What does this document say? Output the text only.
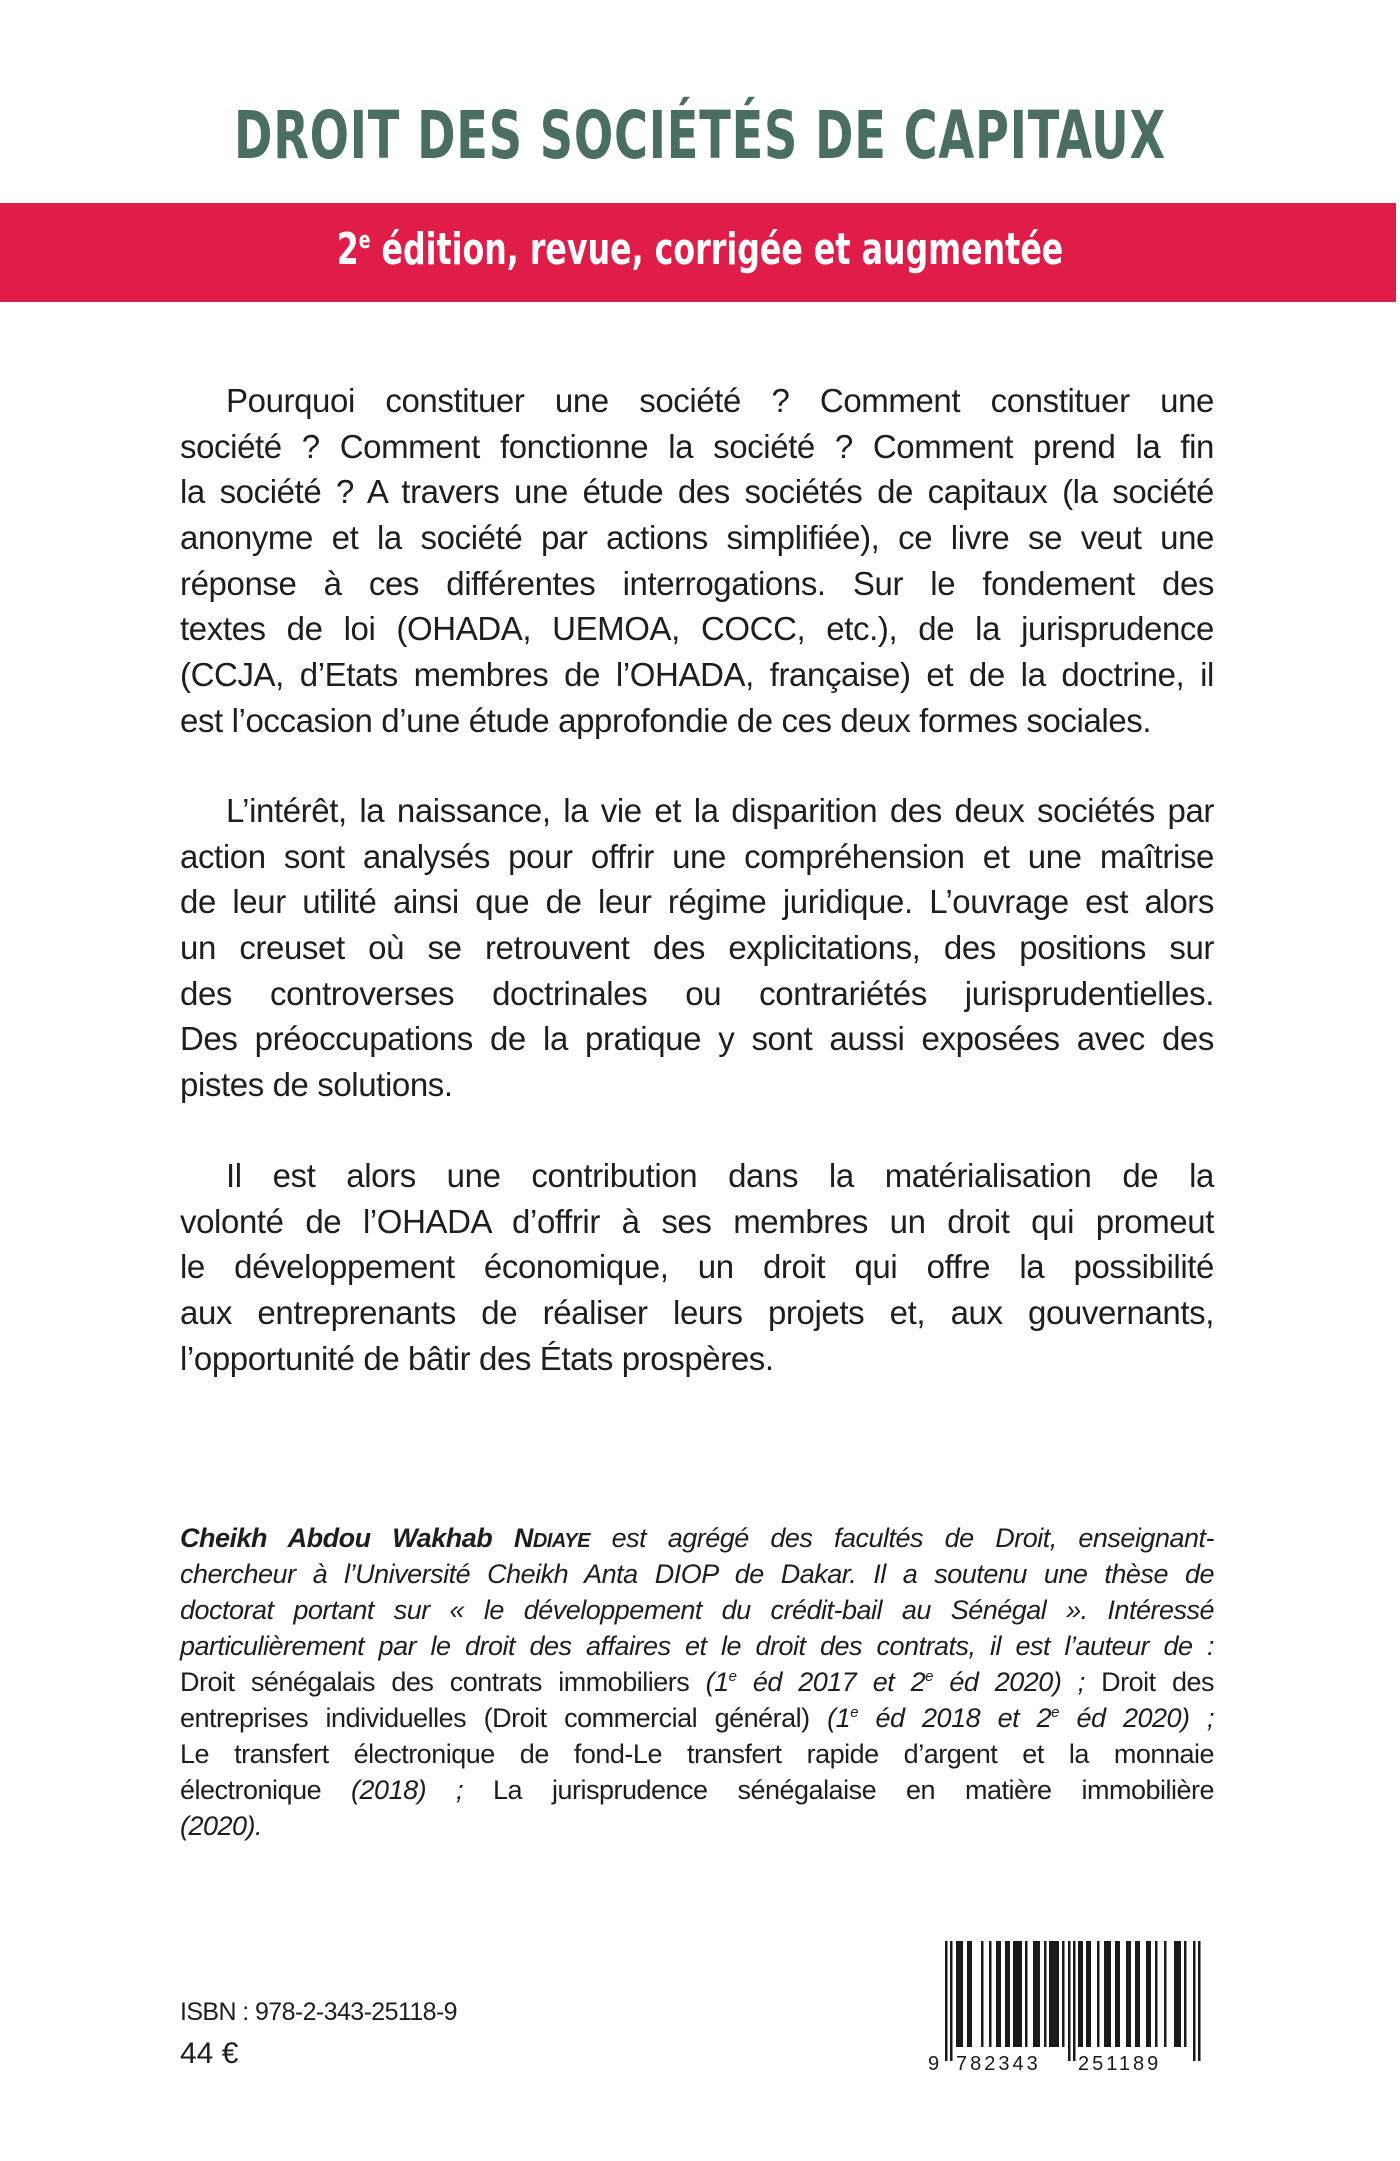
DROIT DES SOCIÉTÉS DE CAPITAUX
2e édition, revue, corrigée et augmentée
Pourquoi constituer une société ? Comment constituer une
société ? Comment fonctionne la société ? Comment prend la fin
la société ? A travers une étude des sociétés de capitaux (la société
anonyme et la société par actions simplifiée), ce livre se veut une
réponse à ces différentes interrogations. Sur le fondement des
textes de loi (OHADA, UEMOA, COCC, etc.), de la jurisprudence
(CCJA, d’Etats membres de l’OHADA, française) et de la doctrine, il
est l’occasion d’une étude approfondie de ces deux formes sociales.
L’intérêt, la naissance, la vie et la disparition des deux sociétés par
action sont analysés pour offrir une compréhension et une maîtrise
de leur utilité ainsi que de leur régime juridique. L’ouvrage est alors
un creuset où se retrouvent des explicitations, des positions sur
des controverses doctrinales ou contrariétés jurisprudentielles.
Des préoccupations de la pratique y sont aussi exposées avec des
pistes de solutions.
Il est alors une contribution dans la matérialisation de la
volonté de l’OHADA d’offrir à ses membres un droit qui promeut
le développement économique, un droit qui offre la possibilité
aux entreprenants de réaliser leurs projets et, aux gouvernants,
l’opportunité de bâtir des États prospères.
Cheikh Abdou Wakhab NDIAYE est agrégé des facultés de Droit, enseignant-
chercheur à l’Université Cheikh Anta DIOP de Dakar. Il a soutenu une thèse de
doctorat portant sur « le développement du crédit-bail au Sénégal ». Intéressé
particulièrement par le droit des affaires et le droit des contrats, il est l’auteur de :
Droit sénégalais des contrats immobiliers (1e éd 2017 et 2e éd 2020) ; Droit des
entreprises individuelles (Droit commercial général) (1e éd 2018 et 2e éd 2020) ;
Le transfert électronique de fond-Le transfert rapide d’argent et la monnaie
électronique (2018) ; La jurisprudence sénégalaise en matière immobilière
(2020).
ISBN : 978-2-343-25118-9
44 €	9 782343 251189
